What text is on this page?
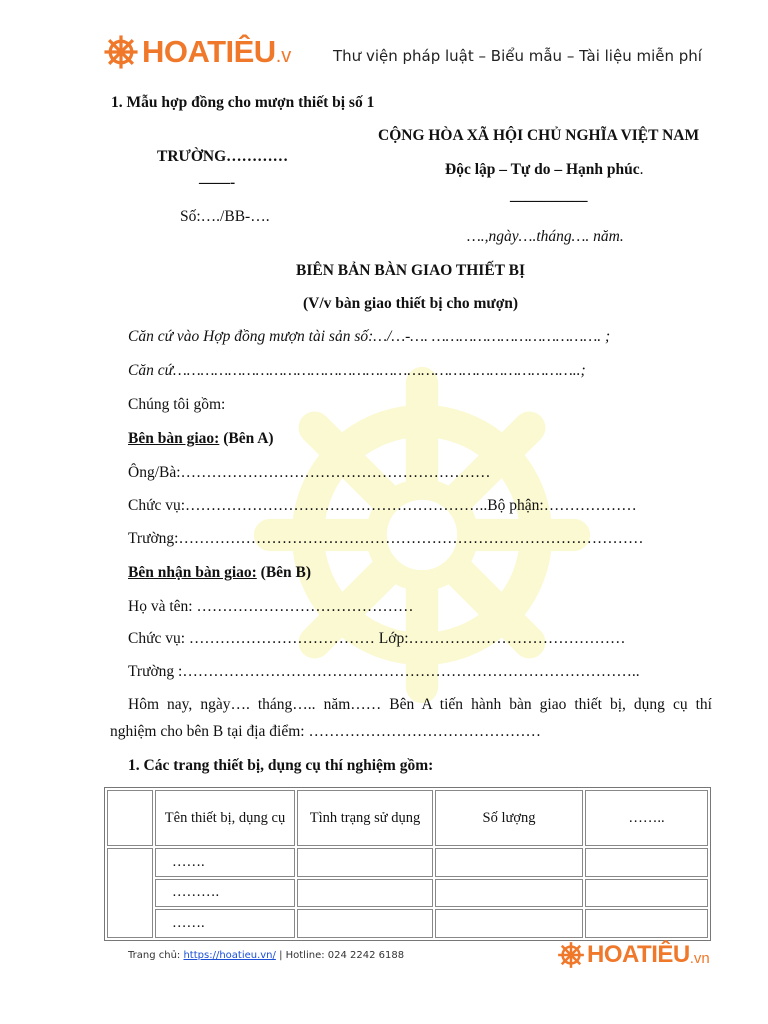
HOATIÊU .v	Thư viện pháp luật – Biểu mẫu – Tài liệu miễn phí
1. Mẫu hợp đồng cho mượn thiết bị số 1
TRƯỜNG…………
——-
Số:…./BB-….
CỘNG HÒA XÃ HỘI CHỦ NGHĨA VIỆT NAM
Độc lập – Tự do – Hạnh phúc.
__________
….,ngày….tháng…. năm.
BIÊN BẢN BÀN GIAO THIẾT BỊ
(V/v bàn giao thiết bị cho mượn)
Căn cứ vào Hợp đồng mượn tài sản số:…/…-…. ………………………………. ;
Căn cứ……………………………………………………………………………..;
Chúng tôi gồm:
Bên bàn giao: (Bên A)
Ông/Bà:……………………………………………………
Chức vụ:…………………………………………………..Bộ phận:………………
Trường:………………………………………………………………………………
Bên nhận bàn giao: (Bên B)
Họ và tên: ……………………………………
Chức vụ: ……………………………… Lớp:……………………………………
Trường :……………………………………………………………………………..
Hôm nay, ngày…. tháng….. năm…… Bên A tiến hành bàn giao thiết bị, dụng cụ thí
nghiệm cho bên B tại địa điểm: ………………………………………
1. Các trang thiết bị, dụng cụ thí nghiệm gồm:
	Tên thiết bị, dụng cụ	Tình trạng sử dụng	Số lượng	……..
	…….			
	……….			
	…….			
Trang chủ: https://hoatieu.vn/ | Hotline: 024 2242 6188	HOATIÊU .vn
